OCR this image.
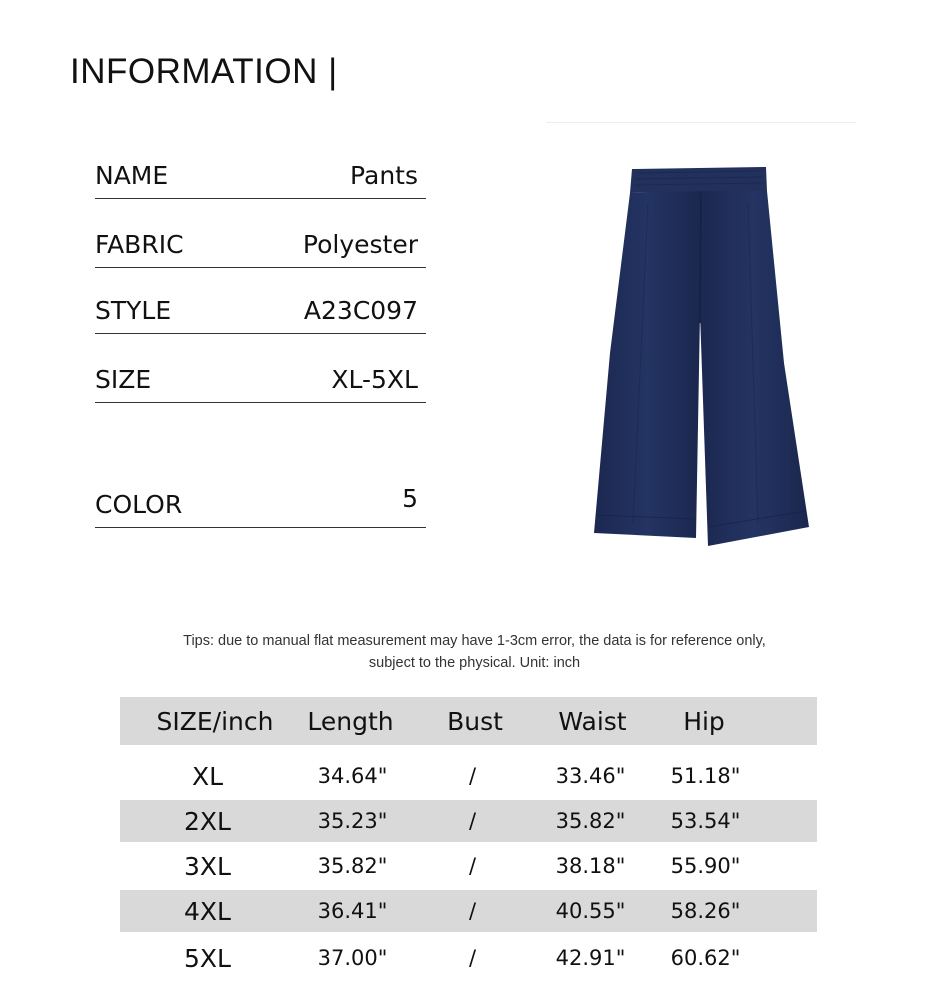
INFORMATION |
NAME	Pants
FABRIC	Polyester
STYLE	A23C097
SIZE	XL-5XL
COLOR	5
Tips: due to manual flat measurement may have 1-3cm error, the data is for reference only,
subject to the physical. Unit: inch
SIZE/inch	Length	Bust	Waist	Hip
XL	34.64"	/	33.46"	51.18"
2XL	35.23"	/	35.82"	53.54"
3XL	35.82"	/	38.18"	55.90"
4XL	36.41"	/	40.55"	58.26"
5XL	37.00"	/	42.91"	60.62"
